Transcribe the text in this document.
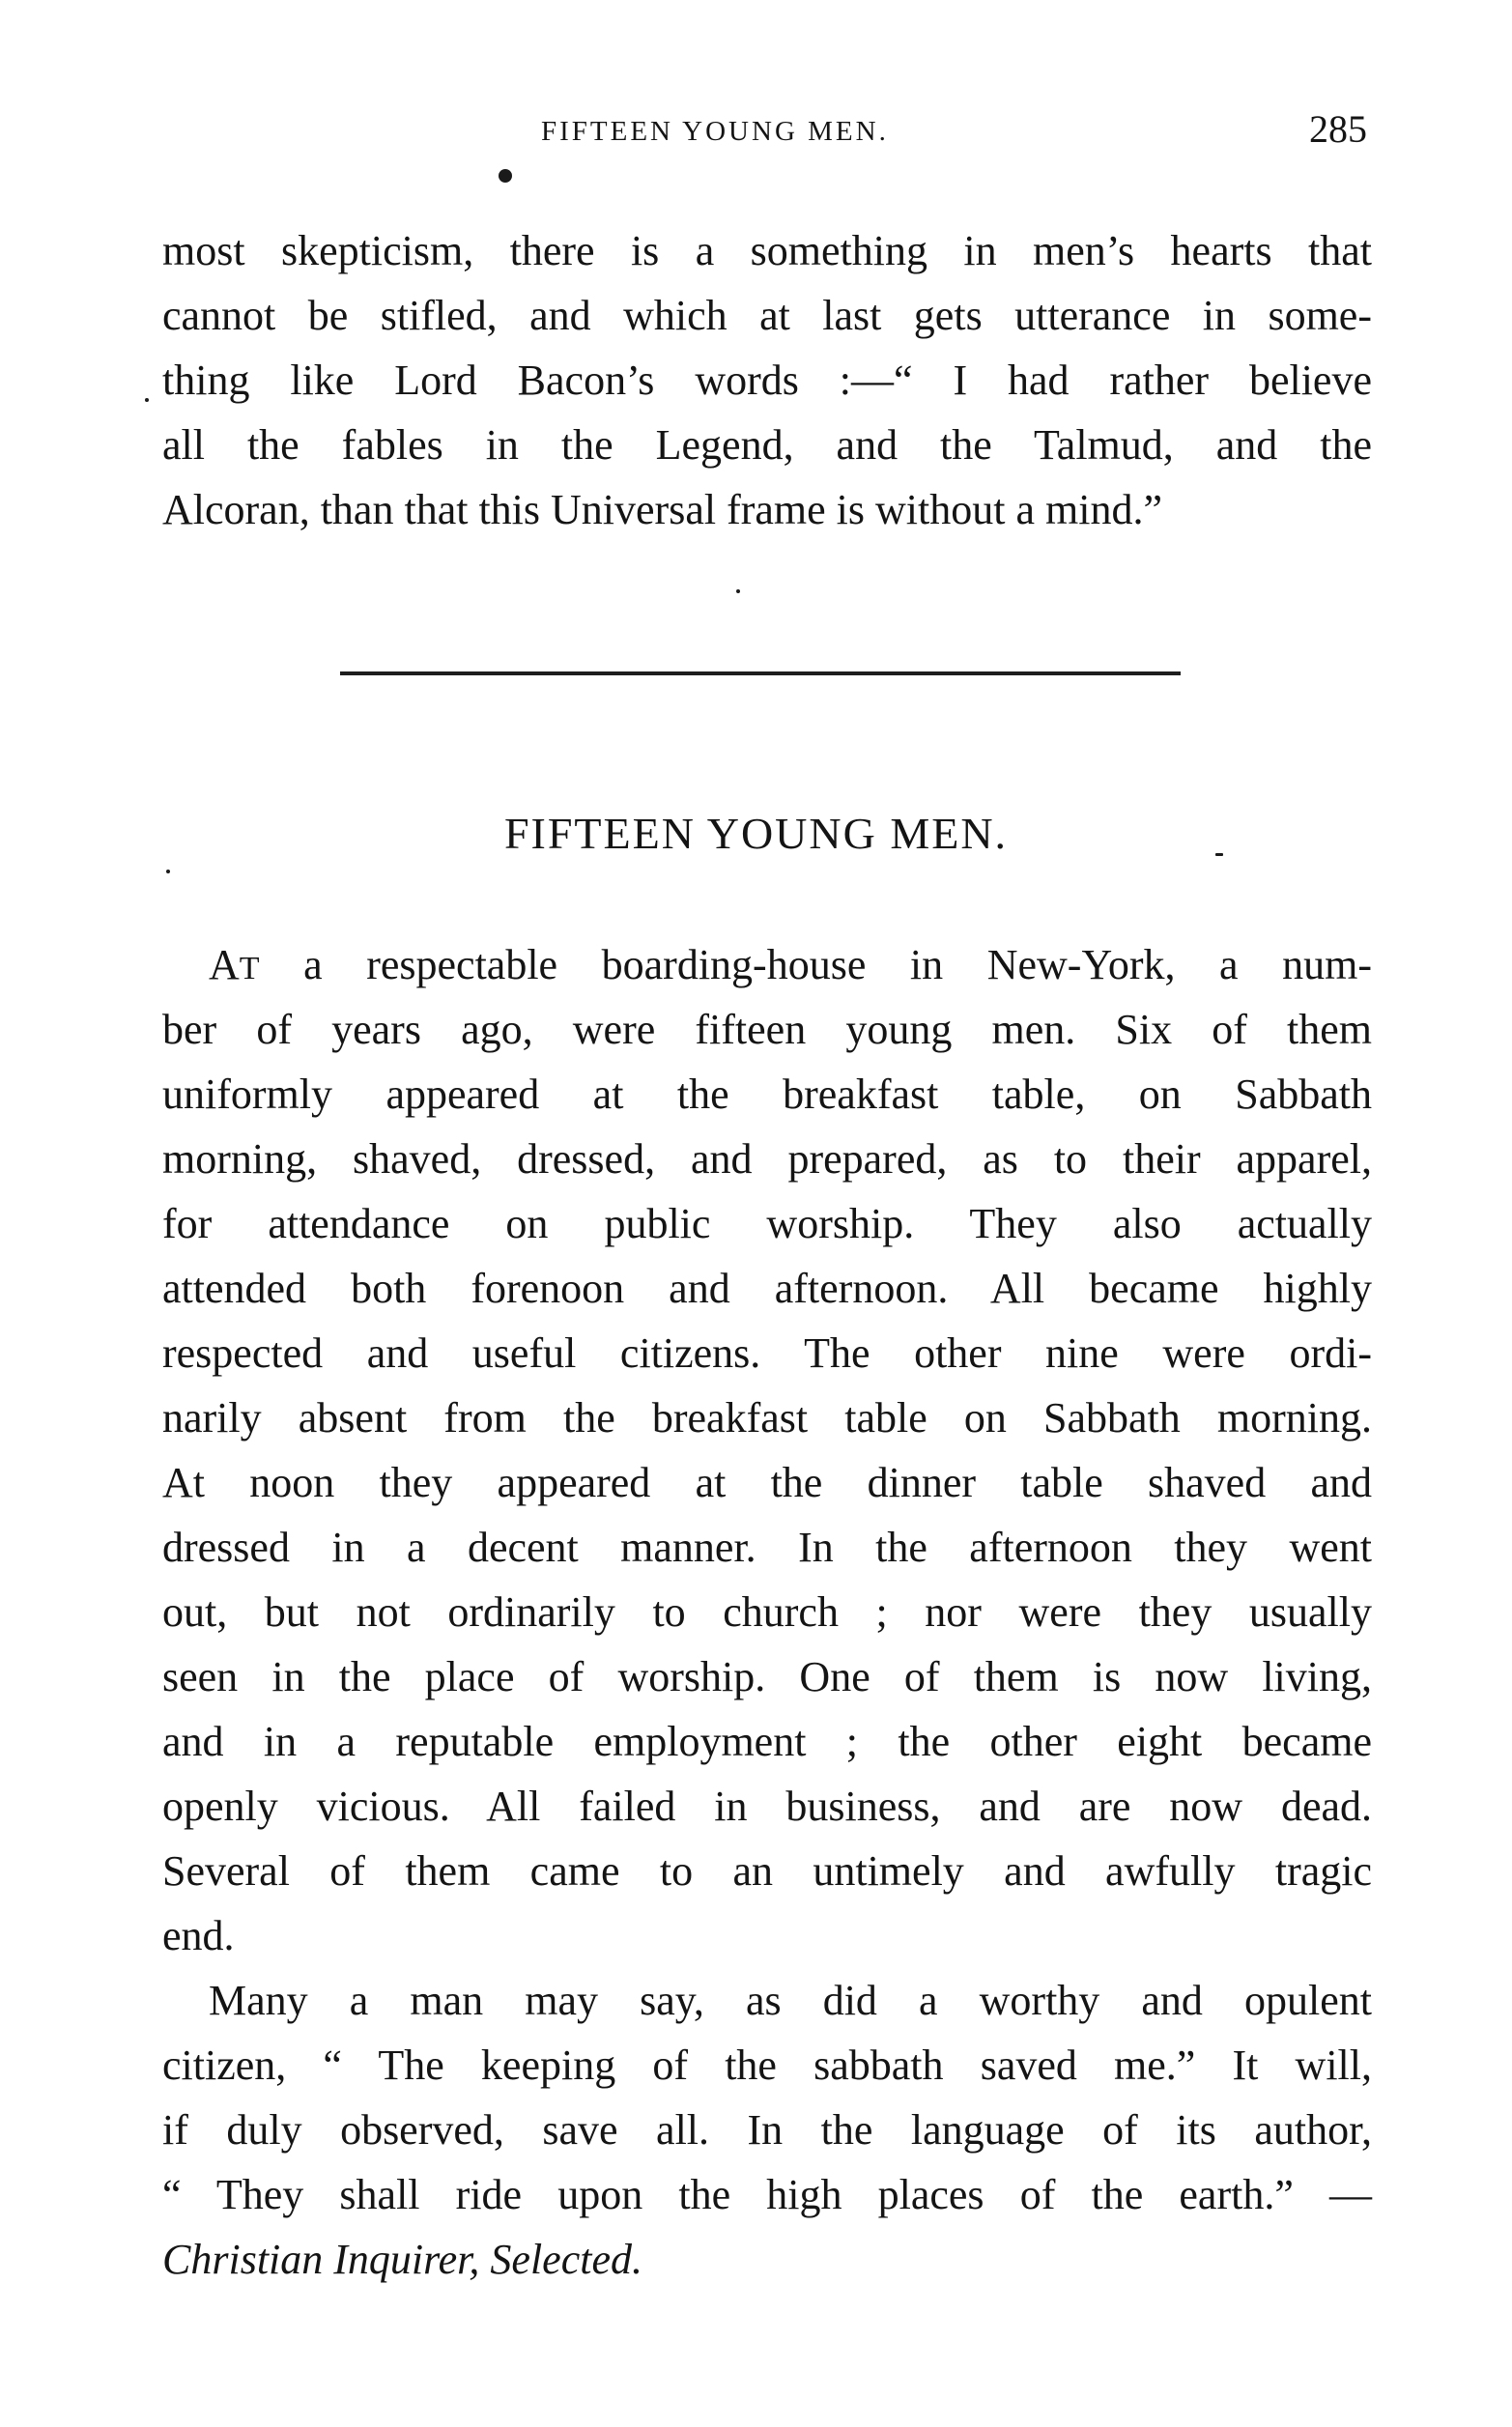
FIFTEEN YOUNG MEN.	285
most skepticism, there is a something in men’s hearts that
cannot be stifled, and which at last gets utterance in some-
thing like Lord Bacon’s words :—“ I had rather believe
all the fables in the Legend, and the Talmud, and the
Alcoran, than that this Universal frame is without a mind.”
FIFTEEN YOUNG MEN.
AT a respectable boarding-house in New-York, a num-
ber of years ago, were fifteen young men. Six of them
uniformly appeared at the breakfast table, on Sabbath
morning, shaved, dressed, and prepared, as to their apparel,
for attendance on public worship. They also actually
attended both forenoon and afternoon. All became highly
respected and useful citizens. The other nine were ordi-
narily absent from the breakfast table on Sabbath morning.
At noon they appeared at the dinner table shaved and
dressed in a decent manner. In the afternoon they went
out, but not ordinarily to church ; nor were they usually
seen in the place of worship. One of them is now living,
and in a reputable employment ; the other eight became
openly vicious. All failed in business, and are now dead.
Several of them came to an untimely and awfully tragic
end.
Many a man may say, as did a worthy and opulent
citizen, “ The keeping of the sabbath saved me.” It will,
if duly observed, save all. In the language of its author,
“ They shall ride upon the high places of the earth.” —
Christian Inquirer, Selected.
